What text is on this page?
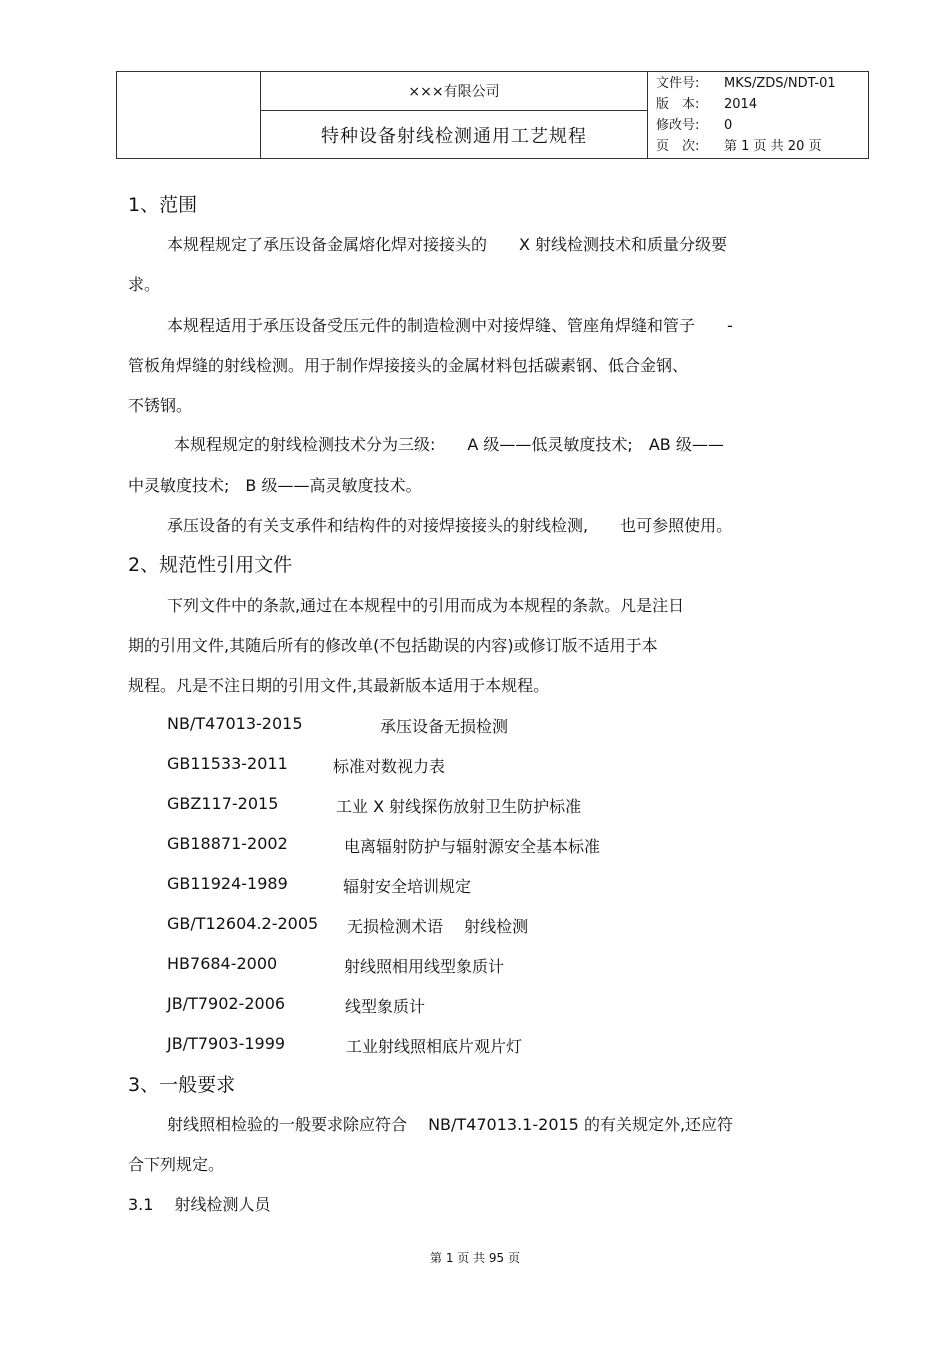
	×××有限公司	
文件号:	MKS/ZDS/NDT-01
版　本:	2014
修改号:	0
页　次:	第 1 页 共 20 页

特种设备射线检测通用工艺规程
1、范围
本规程规定了承压设备金属熔化焊对接接头的　　X 射线检测技术和质量分级要
求。
本规程适用于承压设备受压元件的制造检测中对接焊缝、管座角焊缝和管子　　-
管板角焊缝的射线检测。用于制作焊接接头的金属材料包括碳素钢、低合金钢、
不锈钢。
本规程规定的射线检测技术分为三级:　　A 级——低灵敏度技术;　AB 级——
中灵敏度技术;　B 级——高灵敏度技术。
承压设备的有关支承件和结构件的对接焊接接头的射线检测,　　也可参照使用。
2、规范性引用文件
下列文件中的条款,通过在本规程中的引用而成为本规程的条款。凡是注日
期的引用文件,其随后所有的修改单(不包括勘误的内容)或修订版不适用于本
规程。凡是不注日期的引用文件,其最新版本适用于本规程。
NB/T47013-2015	承压设备无损检测
GB11533-2011	标准对数视力表
GBZ117-2015	工业 X 射线探伤放射卫生防护标准
GB18871-2002	电离辐射防护与辐射源安全基本标准
GB11924-1989	辐射安全培训规定
GB/T12604.2-2005 无损检测术语　 射线检测
HB7684-2000	射线照相用线型象质计
JB/T7902-2006	线型象质计
JB/T7903-1999	工业射线照相底片观片灯
3、一般要求
射线照相检验的一般要求除应符合　 NB/T47013.1-2015 的有关规定外,还应符
合下列规定。
3.1　 射线检测人员
第 1 页 共 95 页
